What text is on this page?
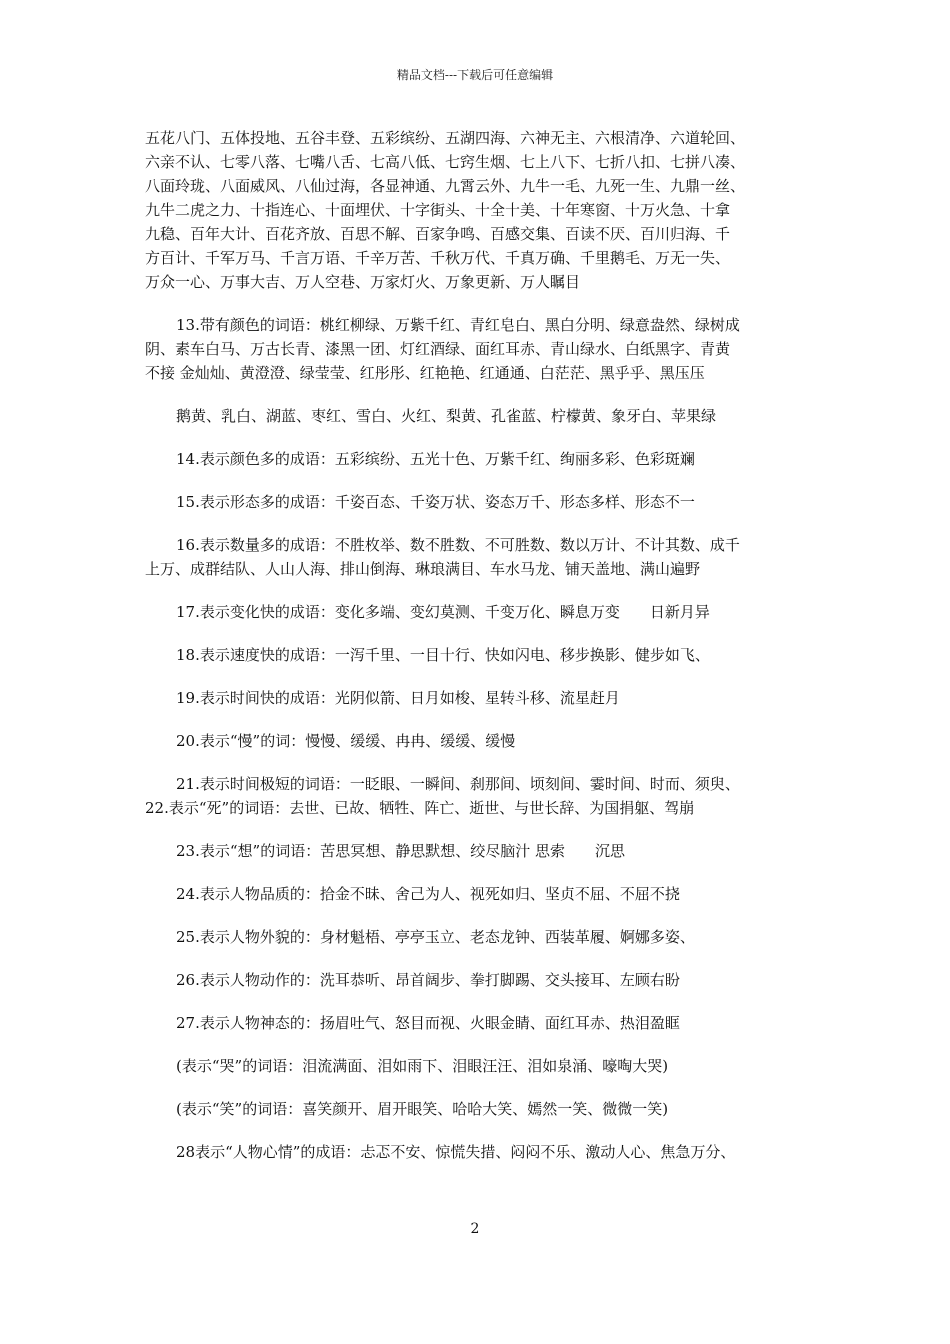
精品文档---下载后可任意编辑
五花八门、五体投地、五谷丰登、五彩缤纷、五湖四海、六神无主、六根清净、六道轮回、
六亲不认、七零八落、七嘴八舌、七高八低、七窍生烟、七上八下、七折八扣、七拼八凑、
八面玲珑、八面威风、八仙过海，各显神通、九霄云外、九牛一毛、九死一生、九鼎一丝、
九牛二虎之力、十指连心、十面埋伏、十字街头、十全十美、十年寒窗、十万火急、十拿
九稳、百年大计、百花齐放、百思不解、百家争鸣、百感交集、百读不厌、百川归海、千
方百计、千军万马、千言万语、千辛万苦、千秋万代、千真万确、千里鹅毛、万无一失、
万众一心、万事大吉、万人空巷、万家灯火、万象更新、万人瞩目
13.带有颜色的词语：桃红柳绿、万紫千红、青红皂白、黑白分明、绿意盎然、绿树成
阴、素车白马、万古长青、漆黑一团、灯红酒绿、面红耳赤、青山绿水、白纸黑字、青黄
不接 金灿灿、黄澄澄、绿莹莹、红彤彤、红艳艳、红通通、白茫茫、黑乎乎、黑压压
鹅黄、乳白、湖蓝、枣红、雪白、火红、梨黄、孔雀蓝、柠檬黄、象牙白、苹果绿
14.表示颜色多的成语：五彩缤纷、五光十色、万紫千红、绚丽多彩、色彩斑斓
15.表示形态多的成语：千姿百态、千姿万状、姿态万千、形态多样、形态不一
16.表示数量多的成语：不胜枚举、数不胜数、不可胜数、数以万计、不计其数、成千
上万、成群结队、人山人海、排山倒海、琳琅满目、车水马龙、铺天盖地、满山遍野
17.表示变化快的成语：变化多端、变幻莫测、千变万化、瞬息万变　　日新月异
18.表示速度快的成语：一泻千里、一目十行、快如闪电、移步换影、健步如飞、
19.表示时间快的成语：光阴似箭、日月如梭、星转斗移、流星赶月
20.表示“慢”的词：慢慢、缓缓、冉冉、缓缓、缓慢
21.表示时间极短的词语：一眨眼、一瞬间、刹那间、顷刻间、霎时间、时而、须臾、
22.表示“死”的词语：去世、已故、牺牲、阵亡、逝世、与世长辞、为国捐躯、驾崩
23.表示“想”的词语：苦思冥想、静思默想、绞尽脑汁 思索　　沉思
24.表示人物品质的：拾金不昧、舍己为人、视死如归、坚贞不屈、不屈不挠
25.表示人物外貌的：身材魁梧、亭亭玉立、老态龙钟、西装革履、婀娜多姿、
26.表示人物动作的：洗耳恭听、昂首阔步、拳打脚踢、交头接耳、左顾右盼
27.表示人物神态的：扬眉吐气、怒目而视、火眼金睛、面红耳赤、热泪盈眶
(表示“哭”的词语：泪流满面、泪如雨下、泪眼汪汪、泪如泉涌、嚎啕大哭)
(表示“笑”的词语：喜笑颜开、眉开眼笑、哈哈大笑、嫣然一笑、微微一笑)
28表示“人物心情”的成语：忐忑不安、惊慌失措、闷闷不乐、激动人心、焦急万分、
2
